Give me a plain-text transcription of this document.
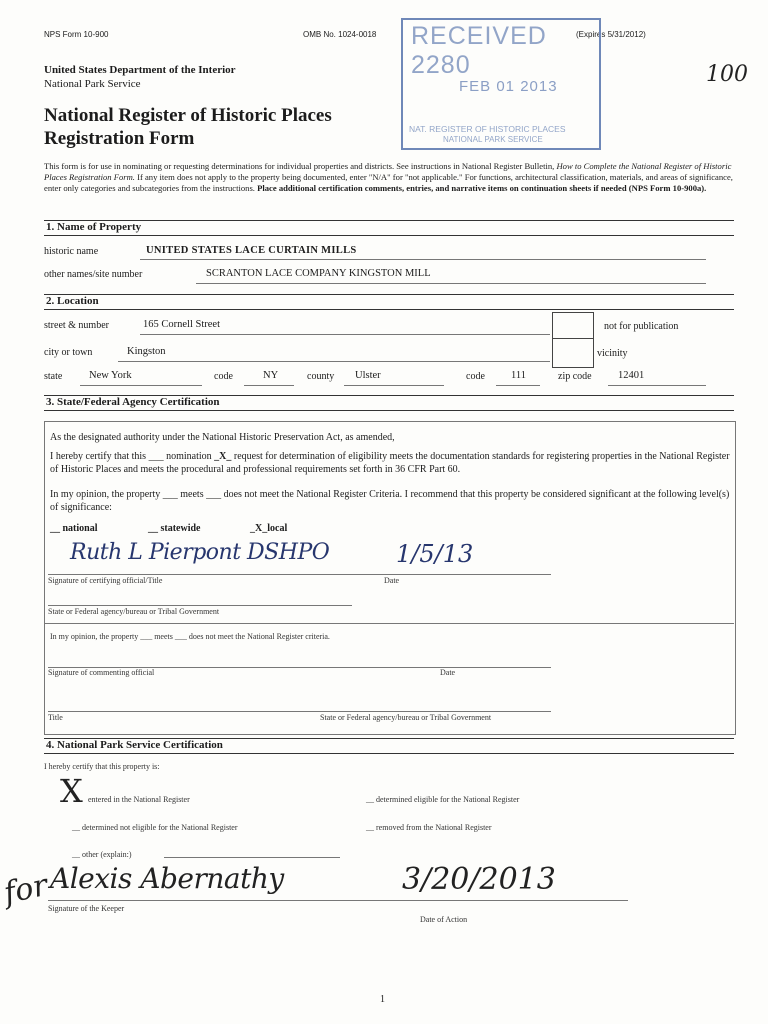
NPS Form 10-900	OMB No. 1024-0018	(Expires 5/31/2012)
RECEIVED 2280
FEB 01 2013
NAT. REGISTER OF HISTORIC PLACES
NATIONAL PARK SERVICE
100
United States Department of the Interior
National Park Service
National Register of Historic Places
Registration Form
This form is for use in nominating or requesting determinations for individual properties and districts. See instructions in National Register Bulletin, How to Complete the National Register of Historic Places Registration Form. If any item does not apply to the property being documented, enter "N/A" for "not applicable." For functions, architectural classification, materials, and areas of significance, enter only categories and subcategories from the instructions. Place additional certification comments, entries, and narrative items on continuation sheets if needed (NPS Form 10-900a).
1. Name of Property
historic name	UNITED STATES LACE CURTAIN MILLS
other names/site number	SCRANTON LACE COMPANY KINGSTON MILL
2. Location
street & number	165 Cornell Street	not for publication
city or town	Kingston	vicinity
state	New York	code	NY	county Ulster	code 111	zip code	12401
3. State/Federal Agency Certification
As the designated authority under the National Historic Preservation Act, as amended,
I hereby certify that this ___ nomination _X_ request for determination of eligibility meets the documentation standards for registering properties in the National Register of Historic Places and meets the procedural and professional requirements set forth in 36 CFR Part 60.
In my opinion, the property ___ meets ___ does not meet the National Register Criteria. I recommend that this property be considered significant at the following level(s) of significance:
__ national	__ statewide	_X_local
Ruth L Pierpont DSHPO	1/5/13
Signature of certifying official/Title	Date
State or Federal agency/bureau or Tribal Government
In my opinion, the property ___ meets ___ does not meet the National Register criteria.
Signature of commenting official	Date
Title	State or Federal agency/bureau or Tribal Government
4. National Park Service Certification
I hereby certify that this property is:
X entered in the National Register	__ determined eligible for the National Register
__ determined not eligible for the National Register	__ removed from the National Register
__ other (explain:)
for Alexis Abernathy	3/20/2013
Signature of the Keeper
Date of Action
1
